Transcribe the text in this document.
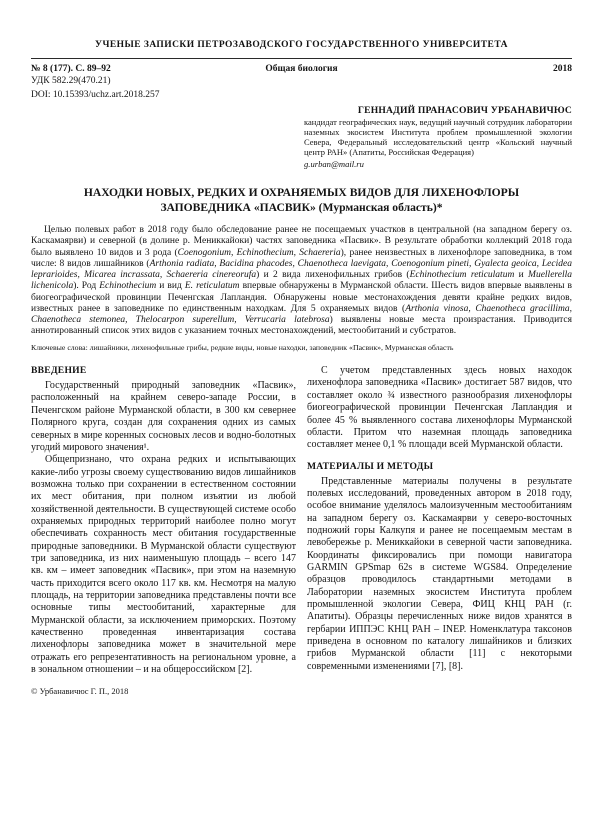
УЧЕНЫЕ ЗАПИСКИ ПЕТРОЗАВОДСКОГО ГОСУДАРСТВЕННОГО УНИВЕРСИТЕТА
№ 8 (177). С. 89–92	Общая биология	2018
УДК 582.29(470.21)
DOI: 10.15393/uchz.art.2018.257
ГЕННАДИЙ ПРАНАСОВИЧ УРБАНАВИЧЮС
кандидат географических наук, ведущий научный сотрудник лаборатории наземных экосистем Института проблем промышленной экологии Севера, Федеральный исследовательский центр «Кольский научный центр РАН» (Апатиты, Российская Федерация)
g.urban@mail.ru
НАХОДКИ НОВЫХ, РЕДКИХ И ОХРАНЯЕМЫХ ВИДОВ ДЛЯ ЛИХЕНОФЛОРЫ
ЗАПОВЕДНИКА «ПАСВИК» (Мурманская область)*

Целью полевых работ в 2018 году было обследование ранее не посещаемых участков в центральной (на западном берегу оз. Каскамаярви) и северной (в долине р. Мениккайоки) частях заповедника «Пасвик». В результате обработки коллекций 2018 года было выявлено 10 видов и 3 рода (Coenogonium, Echinothecium, Schaereria), ранее неизвестных в лихенофлоре заповедника, в том числе: 8 видов лишайников (Arthonia radiata, Bacidina phacodes, Chaenotheca laevigata, Coenogonium pineti, Gyalecta geoica, Lecidea leprarioides, Micarea incrassata, Schaereria cinereorufa) и 2 вида лихенофильных грибов (Echinothecium reticulatum и Muellerella lichenicola). Род Echinothecium и вид E. reticulatum впервые обнаружены в Мурманской области. Шесть видов впервые выявлены в биогеографической провинции Печенгская Лапландия. Обнаружены новые местонахождения девяти крайне редких видов, известных ранее в заповеднике по единственным находкам. Для 5 охраняемых видов (Arthonia vinosa, Chaenotheca gracillima, Chaenotheca stemonea, Thelocarpon superellum, Verrucaria latebrosa) выявлены новые места произрастания. Приводится аннотированный список этих видов с указанием точных местонахождений, местообитаний и субстратов.

Ключевые слова: лишайники, лихенофильные грибы, редкие виды, новые находки, заповедник «Пасвик», Мурманская область

ВВЕДЕНИЕ

Государственный природный заповедник «Пасвик», расположенный на крайнем северо-западе России, в Печенгском районе Мурманской области, в 300 км севернее Полярного круга, создан для сохранения одних из самых северных в мире коренных сосновых лесов и водно-болотных угодий мирового значения¹.

Общепризнано, что охрана редких и испытывающих какие-либо угрозы своему существованию видов лишайников возможна только при сохранении в естественном состоянии их мест обитания, при полном изъятии из любой хозяйственной деятельности. В существующей системе особо охраняемых природных территорий наиболее полно могут обеспечивать сохранность мест обитания государственные природные заповедники. В Мурманской области существуют три заповедника, из них наименьшую площадь – всего 147 кв. км – имеет заповедник «Пасвик», при этом на наземную часть приходится всего около 117 кв. км. Несмотря на малую площадь, на территории заповедника представлены почти все основные типы местообитаний, характерные для Мурманской области, за исключением приморских. Поэтому качественно проведенная инвентаризация состава лихенофлоры заповедника может в значительной мере отражать его репрезентативность на региональном уровне, а в зональном отношении – и на общероссийском [2].

© Урбанавичюс Г. П., 2018

С учетом представленных здесь новых находок лихенофлора заповедника «Пасвик» достигает 587 видов, что составляет около ¾ известного разнообразия лихенофлоры биогеографической провинции Печенгская Лапландия и более 45 % выявленного состава лихенофлоры Мурманской области. Притом что наземная площадь заповедника составляет менее 0,1 % площади всей Мурманской области.

МАТЕРИАЛЫ И МЕТОДЫ

Представленные материалы получены в результате полевых исследований, проведенных автором в 2018 году, особое внимание уделялось малоизученным местообитаниям на западном берегу оз. Каскамаярви у северо-восточных подножий горы Калкупя и ранее не посещаемым местам в левобережье р. Мениккайоки в северной части заповедника. Координаты фиксировались при помощи навигатора GARMIN GPSmap 62s в системе WGS84. Определение образцов проводилось стандартными методами в Лаборатории наземных экосистем Института проблем промышленной экологии Севера, ФИЦ КНЦ РАН (г. Апатиты). Образцы перечисленных ниже видов хранятся в гербарии ИППЭС КНЦ РАН – INEP. Номенклатура таксонов приведена в основном по каталогу лишайников и близких грибов Мурманской области [11] с некоторыми современными изменениями [7], [8].
